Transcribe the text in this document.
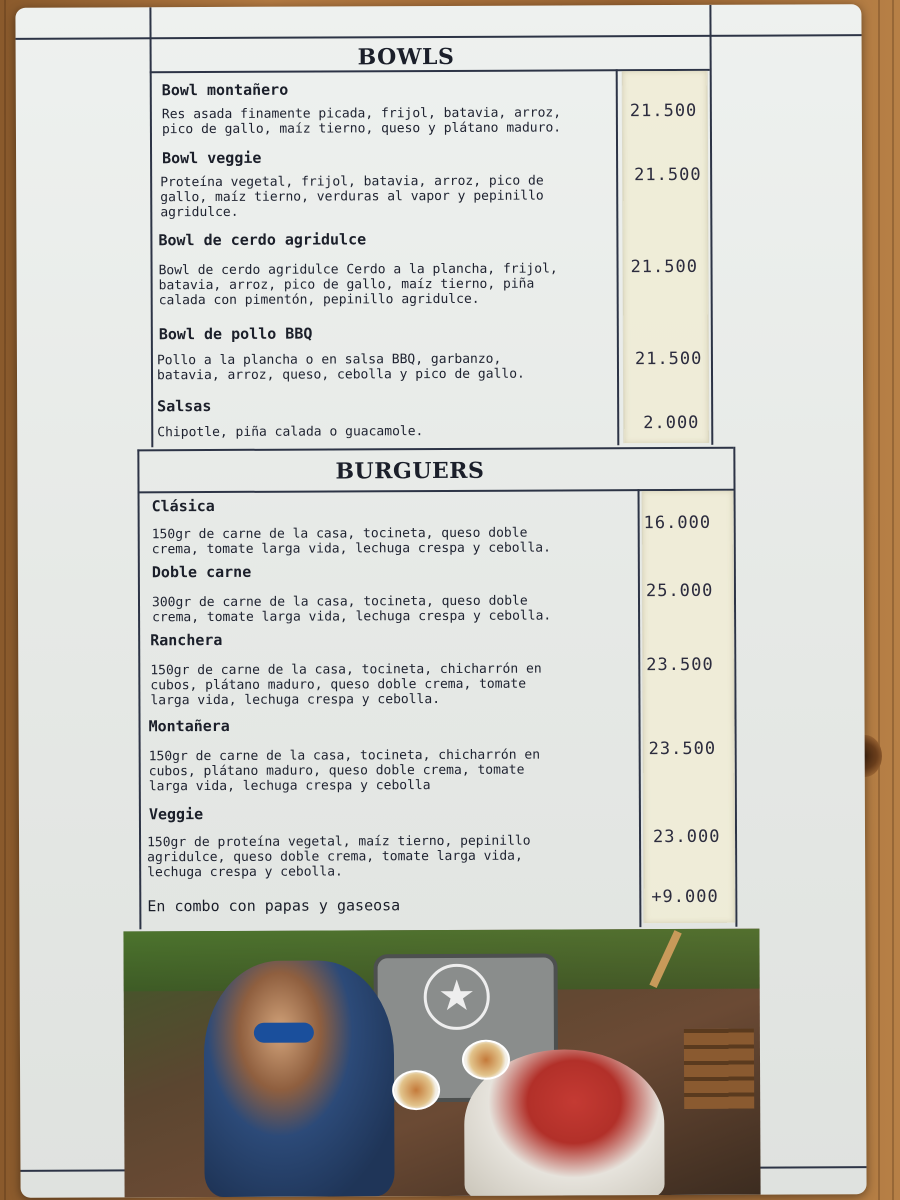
BOWLS
Bowl montañero
Res asada finamente picada, frijol, batavia, arroz,
pico de gallo, maíz tierno, queso y plátano maduro.
21.500
Bowl veggie
Proteína vegetal, frijol, batavia, arroz, pico de
gallo, maíz tierno, verduras al vapor y pepinillo
agridulce.
21.500
Bowl de cerdo agridulce
Bowl de cerdo agridulce Cerdo a la plancha, frijol,
batavia, arroz, pico de gallo, maíz tierno, piña
calada con pimentón, pepinillo agridulce.
21.500
Bowl de pollo BBQ
Pollo a la plancha o en salsa BBQ, garbanzo,
batavia, arroz, queso, cebolla y pico de gallo.
21.500
Salsas
Chipotle, piña calada o guacamole.	2.000
BURGUERS
Clásica
150gr de carne de la casa, tocineta, queso doble
crema, tomate larga vida, lechuga crespa y cebolla.
16.000
Doble carne
300gr de carne de la casa, tocineta, queso doble
crema, tomate larga vida, lechuga crespa y cebolla.
25.000
Ranchera
150gr de carne de la casa, tocineta, chicharrón en
cubos, plátano maduro, queso doble crema, tomate
larga vida, lechuga crespa y cebolla.
23.500
Montañera
150gr de carne de la casa, tocineta, chicharrón en
cubos, plátano maduro, queso doble crema, tomate
larga vida, lechuga crespa y cebolla
23.500
Veggie
150gr de proteína vegetal, maíz tierno, pepinillo
agridulce, queso doble crema, tomate larga vida,
lechuga crespa y cebolla.
23.000
En combo con papas y gaseosa	+9.000
★
